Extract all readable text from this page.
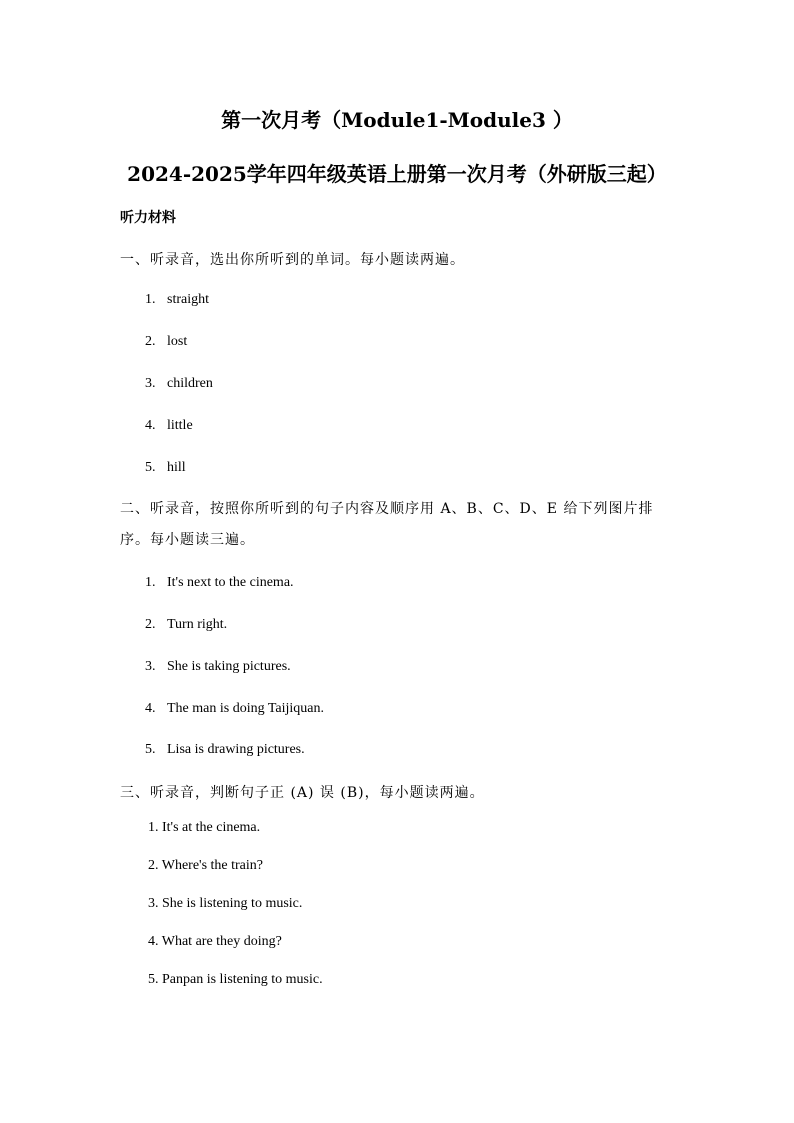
第一次月考（Module1-Module3 ）
2024-2025学年四年级英语上册第一次月考（外研版三起）
听力材料
一、听录音，选出你所听到的单词。每小题读两遍。
1. straight
2. lost
3. children
4. little
5. hill
二、听录音，按照你所听到的句子内容及顺序用 A、B、C、D、E 给下列图片排序。每小题读三遍。
1. It's next to the cinema.
2. Turn right.
3. She is taking pictures.
4. The man is doing Taijiquan.
5. Lisa is drawing pictures.
三、听录音，判断句子正 (A) 误 (B)，每小题读两遍。
1. It's at the cinema.
2. Where's the train?
3. She is listening to music.
4. What are they doing?
5. Panpan is listening to music.
